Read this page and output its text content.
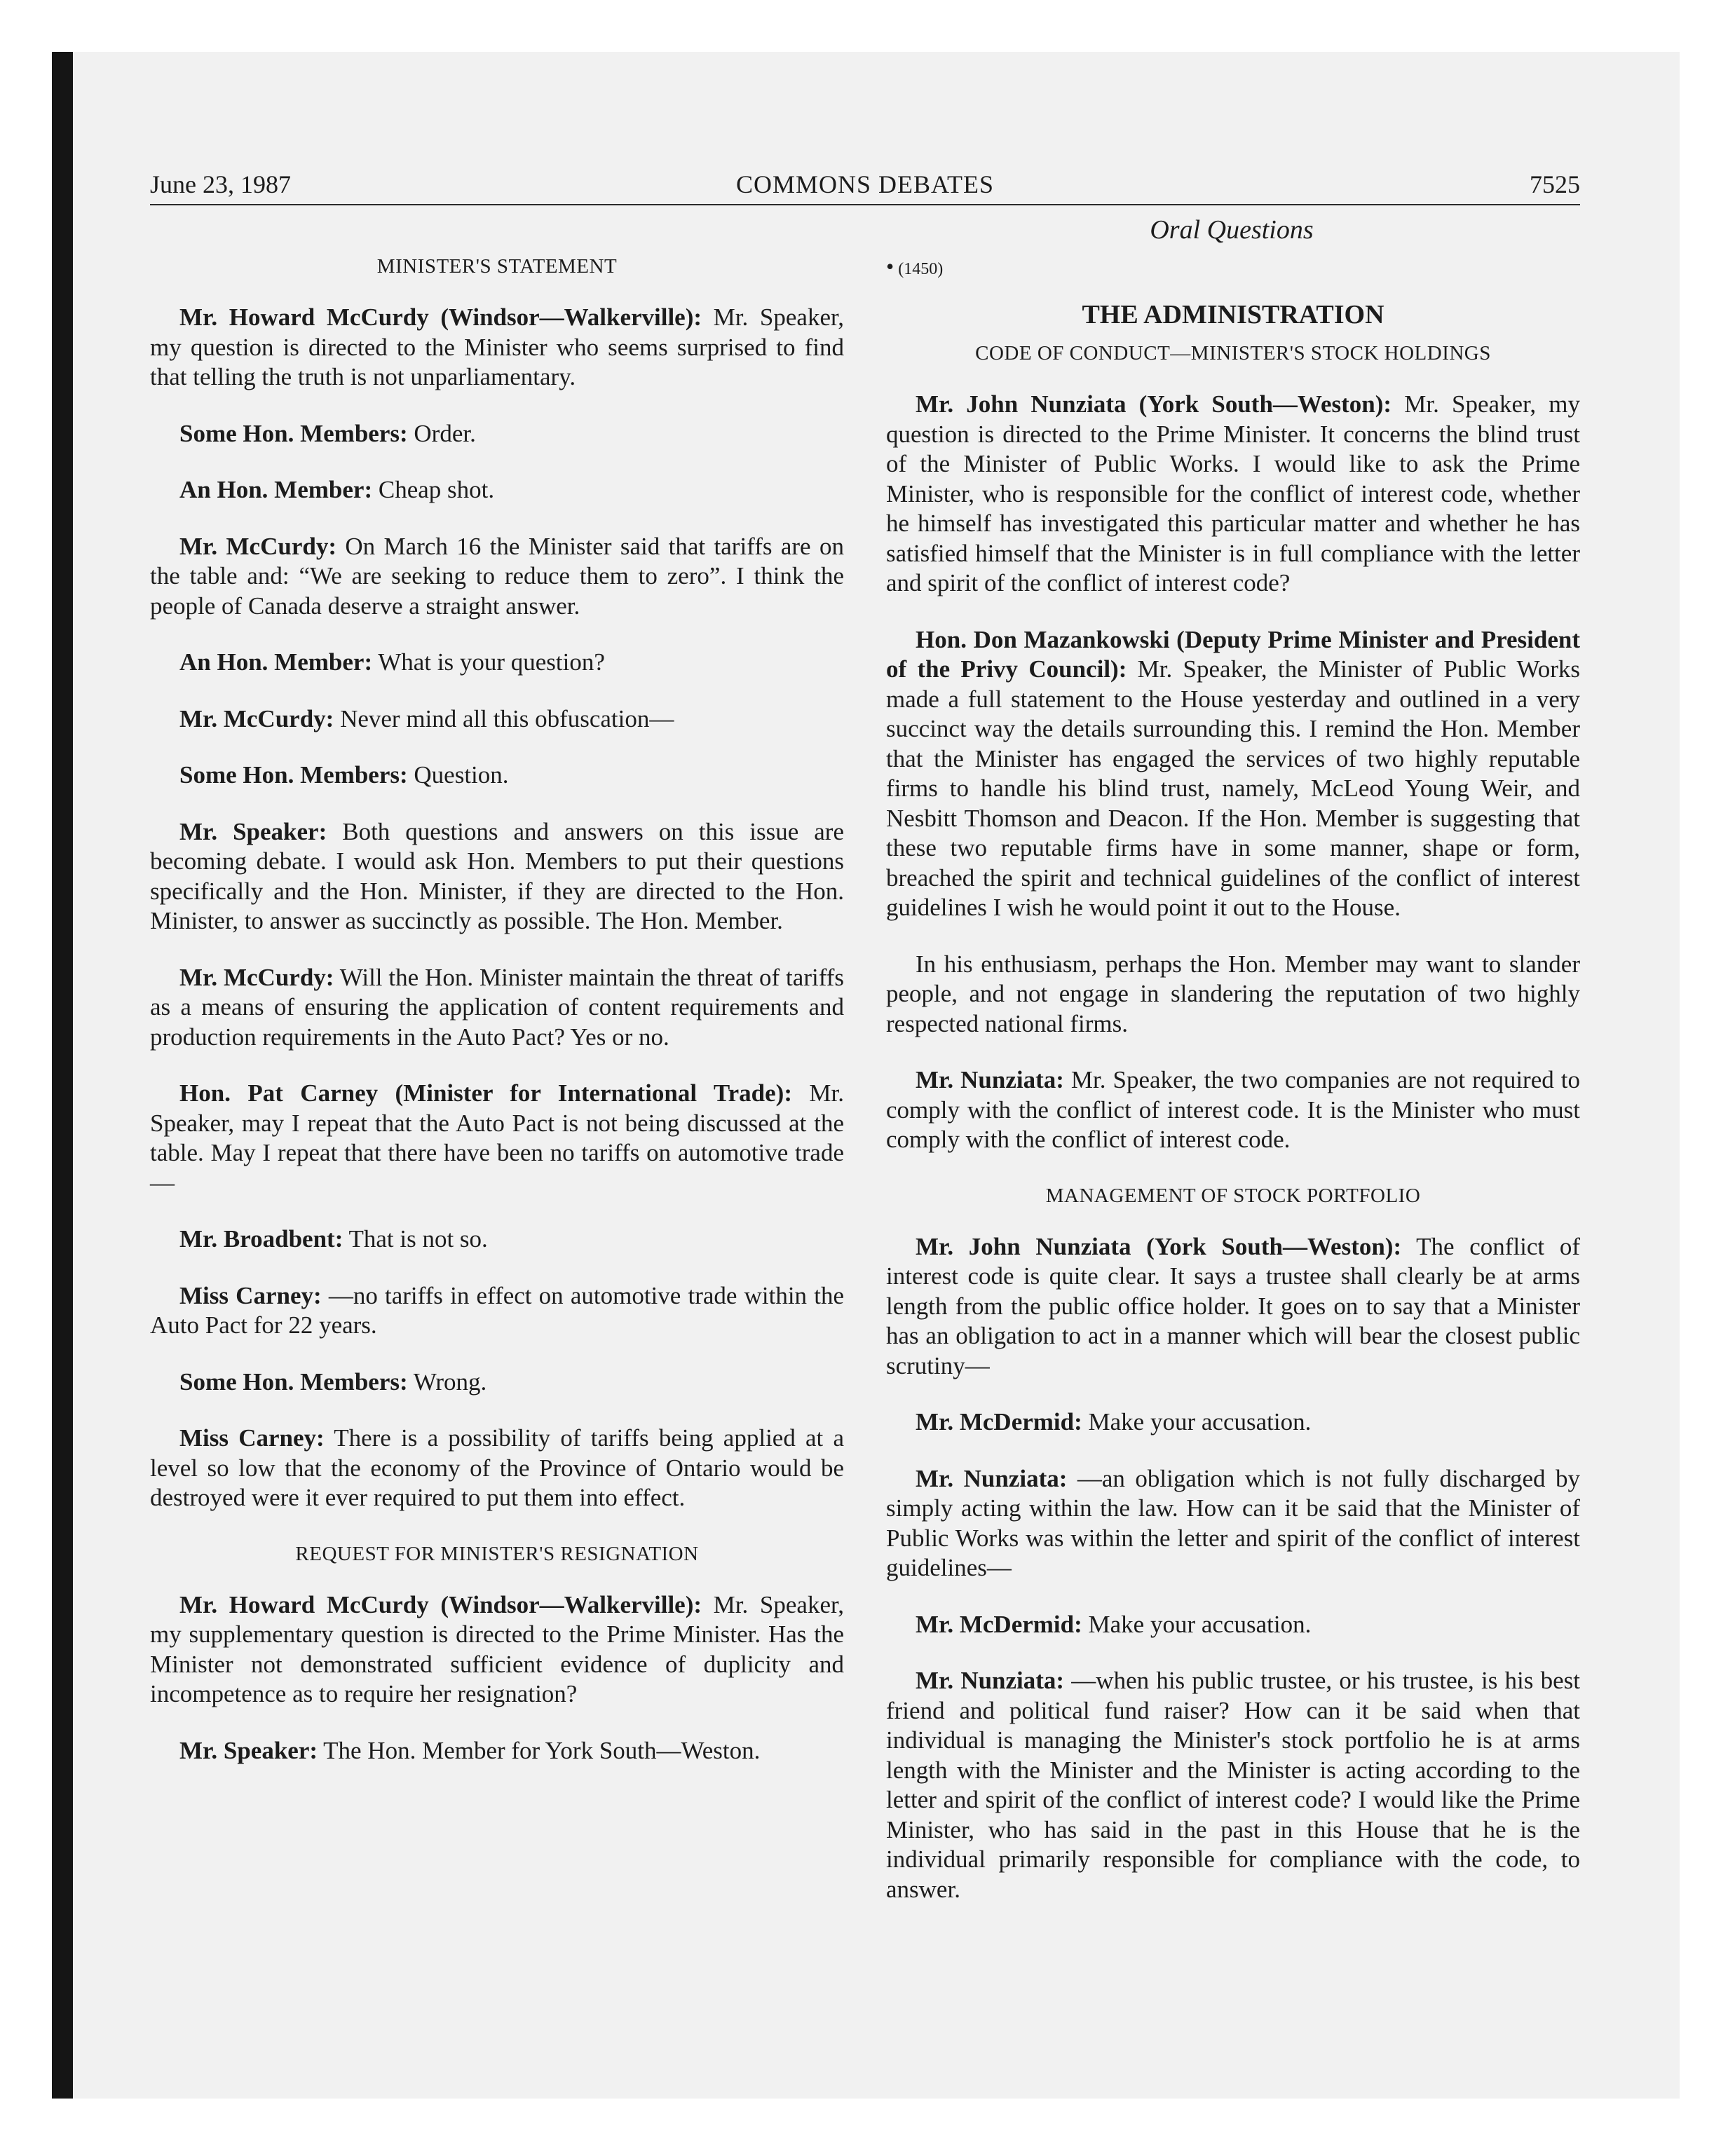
June 23, 1987	COMMONS DEBATES	7525
Oral Questions
MINISTER'S STATEMENT

Mr. Howard McCurdy (Windsor—Walkerville): Mr. Speaker, my question is directed to the Minister who seems surprised to find that telling the truth is not unparliamentary.

Some Hon. Members: Order.

An Hon. Member: Cheap shot.

Mr. McCurdy: On March 16 the Minister said that tariffs are on the table and: “We are seeking to reduce them to zero”. I think the people of Canada deserve a straight answer.

An Hon. Member: What is your question?

Mr. McCurdy: Never mind all this obfuscation—

Some Hon. Members: Question.

Mr. Speaker: Both questions and answers on this issue are becoming debate. I would ask Hon. Members to put their questions specifically and the Hon. Minister, if they are directed to the Hon. Minister, to answer as succinctly as possible. The Hon. Member.

Mr. McCurdy: Will the Hon. Minister maintain the threat of tariffs as a means of ensuring the application of content requirements and production requirements in the Auto Pact? Yes or no.

Hon. Pat Carney (Minister for International Trade): Mr. Speaker, may I repeat that the Auto Pact is not being discussed at the table. May I repeat that there have been no tariffs on automotive trade—

Mr. Broadbent: That is not so.

Miss Carney: —no tariffs in effect on automotive trade within the Auto Pact for 22 years.

Some Hon. Members: Wrong.

Miss Carney: There is a possibility of tariffs being applied at a level so low that the economy of the Province of Ontario would be destroyed were it ever required to put them into effect.

REQUEST FOR MINISTER'S RESIGNATION

Mr. Howard McCurdy (Windsor—Walkerville): Mr. Speaker, my supplementary question is directed to the Prime Minister. Has the Minister not demonstrated sufficient evidence of duplicity and incompetence as to require her resignation?

Mr. Speaker: The Hon. Member for York South—Weston.

• (1450)
THE ADMINISTRATION
CODE OF CONDUCT—MINISTER'S STOCK HOLDINGS

Mr. John Nunziata (York South—Weston): Mr. Speaker, my question is directed to the Prime Minister. It concerns the blind trust of the Minister of Public Works. I would like to ask the Prime Minister, who is responsible for the conflict of interest code, whether he himself has investigated this particular matter and whether he has satisfied himself that the Minister is in full compliance with the letter and spirit of the conflict of interest code?

Hon. Don Mazankowski (Deputy Prime Minister and President of the Privy Council): Mr. Speaker, the Minister of Public Works made a full statement to the House yesterday and outlined in a very succinct way the details surrounding this. I remind the Hon. Member that the Minister has engaged the services of two highly reputable firms to handle his blind trust, namely, McLeod Young Weir, and Nesbitt Thomson and Deacon. If the Hon. Member is suggesting that these two reputable firms have in some manner, shape or form, breached the spirit and technical guidelines of the conflict of interest guidelines I wish he would point it out to the House.

In his enthusiasm, perhaps the Hon. Member may want to slander people, and not engage in slandering the reputation of two highly respected national firms.

Mr. Nunziata: Mr. Speaker, the two companies are not required to comply with the conflict of interest code. It is the Minister who must comply with the conflict of interest code.

MANAGEMENT OF STOCK PORTFOLIO

Mr. John Nunziata (York South—Weston): The conflict of interest code is quite clear. It says a trustee shall clearly be at arms length from the public office holder. It goes on to say that a Minister has an obligation to act in a manner which will bear the closest public scrutiny—

Mr. McDermid: Make your accusation.

Mr. Nunziata: —an obligation which is not fully discharged by simply acting within the law. How can it be said that the Minister of Public Works was within the letter and spirit of the conflict of interest guidelines—

Mr. McDermid: Make your accusation.

Mr. Nunziata: —when his public trustee, or his trustee, is his best friend and political fund raiser? How can it be said when that individual is managing the Minister's stock portfolio he is at arms length with the Minister and the Minister is acting according to the letter and spirit of the conflict of interest code? I would like the Prime Minister, who has said in the past in this House that he is the individual primarily responsible for compliance with the code, to answer.
